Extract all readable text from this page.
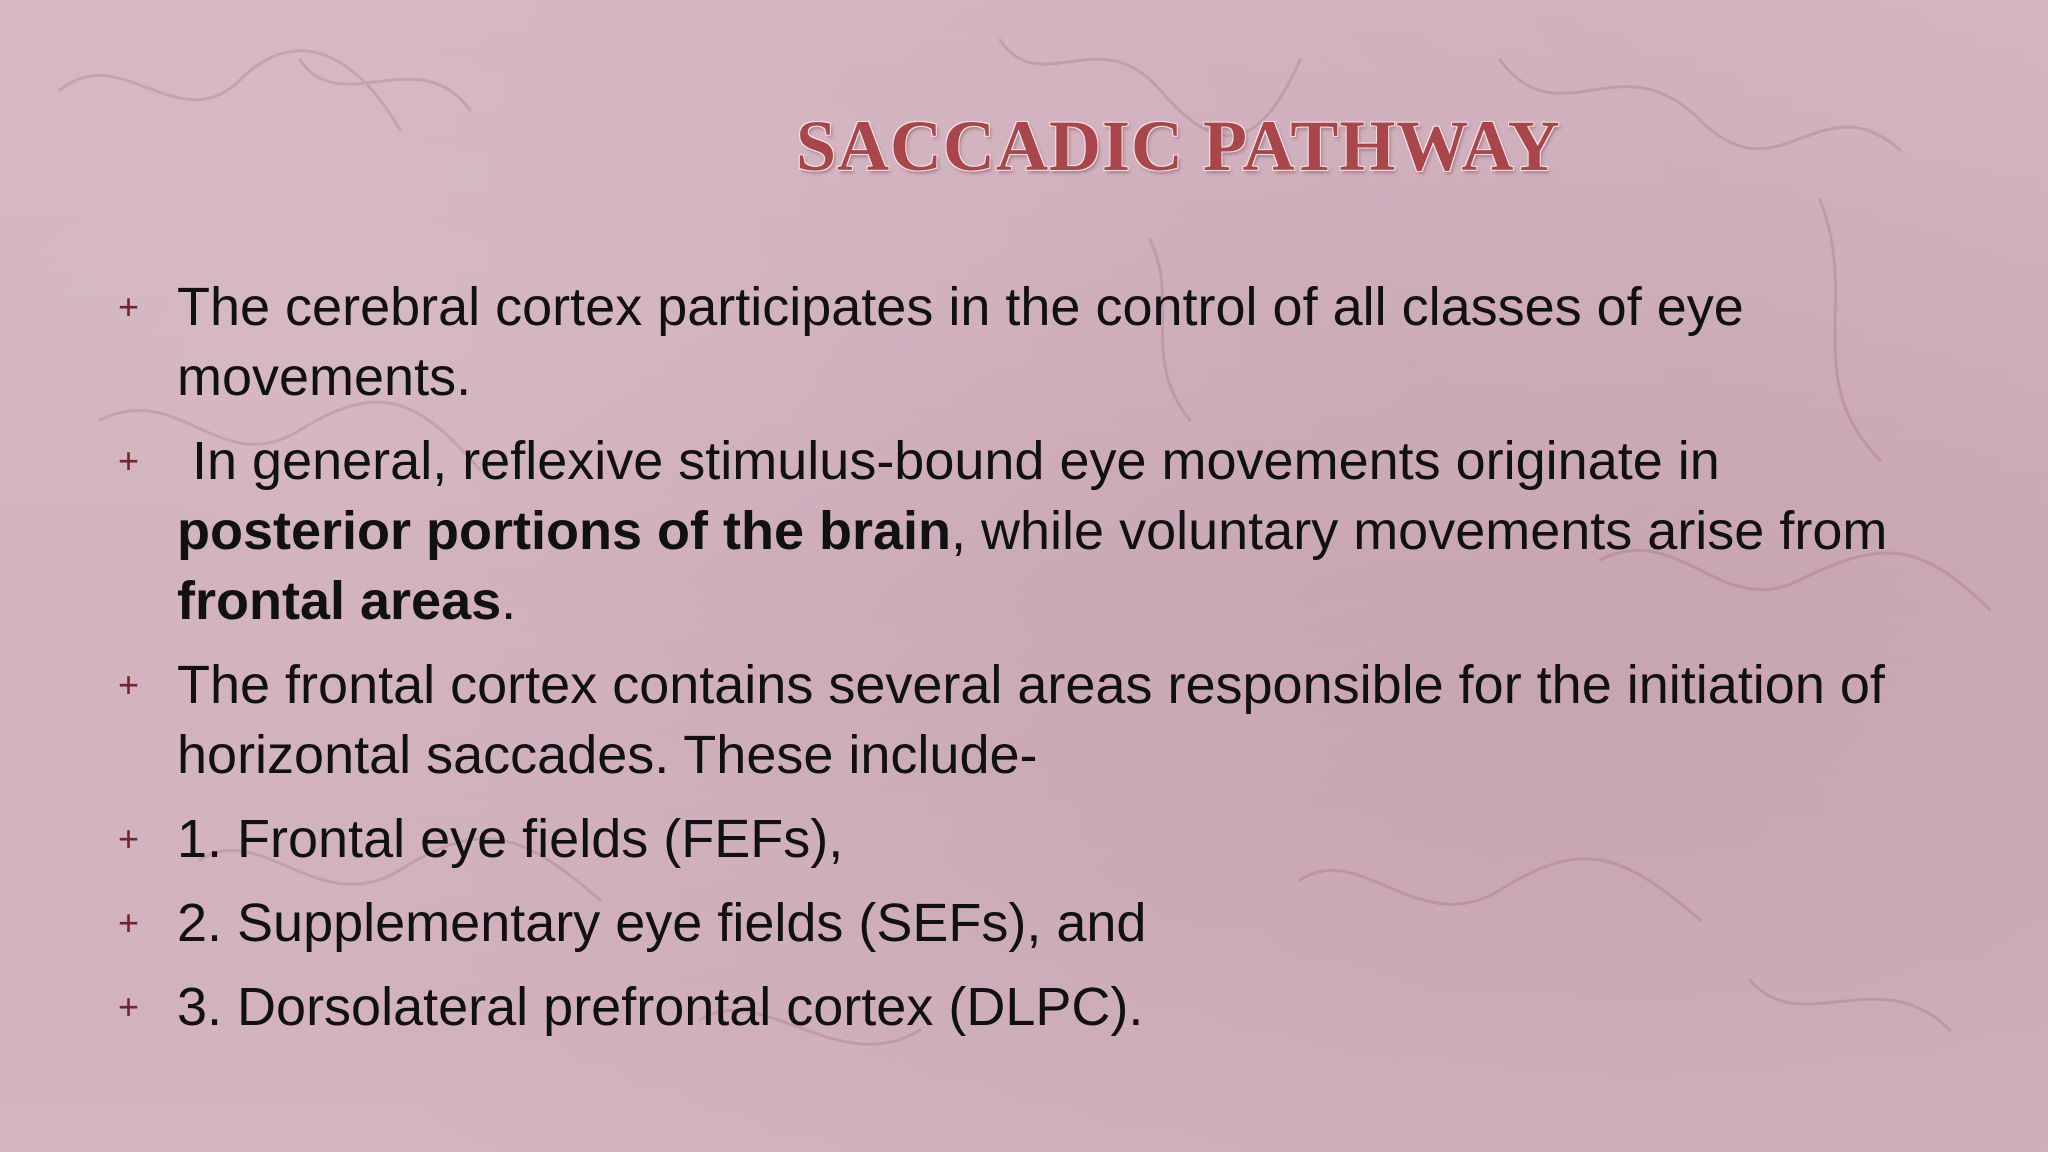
SACCADIC PATHWAY
+ The cerebral cortex participates in the control of all classes of eye movements.
+ In general, reflexive stimulus-bound eye movements originate in posterior portions of the brain, while voluntary movements arise from frontal areas.
+ The frontal cortex contains several areas responsible for the initiation of horizontal saccades. These include-
+ 1. Frontal eye fields (FEFs),
+ 2. Supplementary eye fields (SEFs), and
+ 3. Dorsolateral prefrontal cortex (DLPC).
